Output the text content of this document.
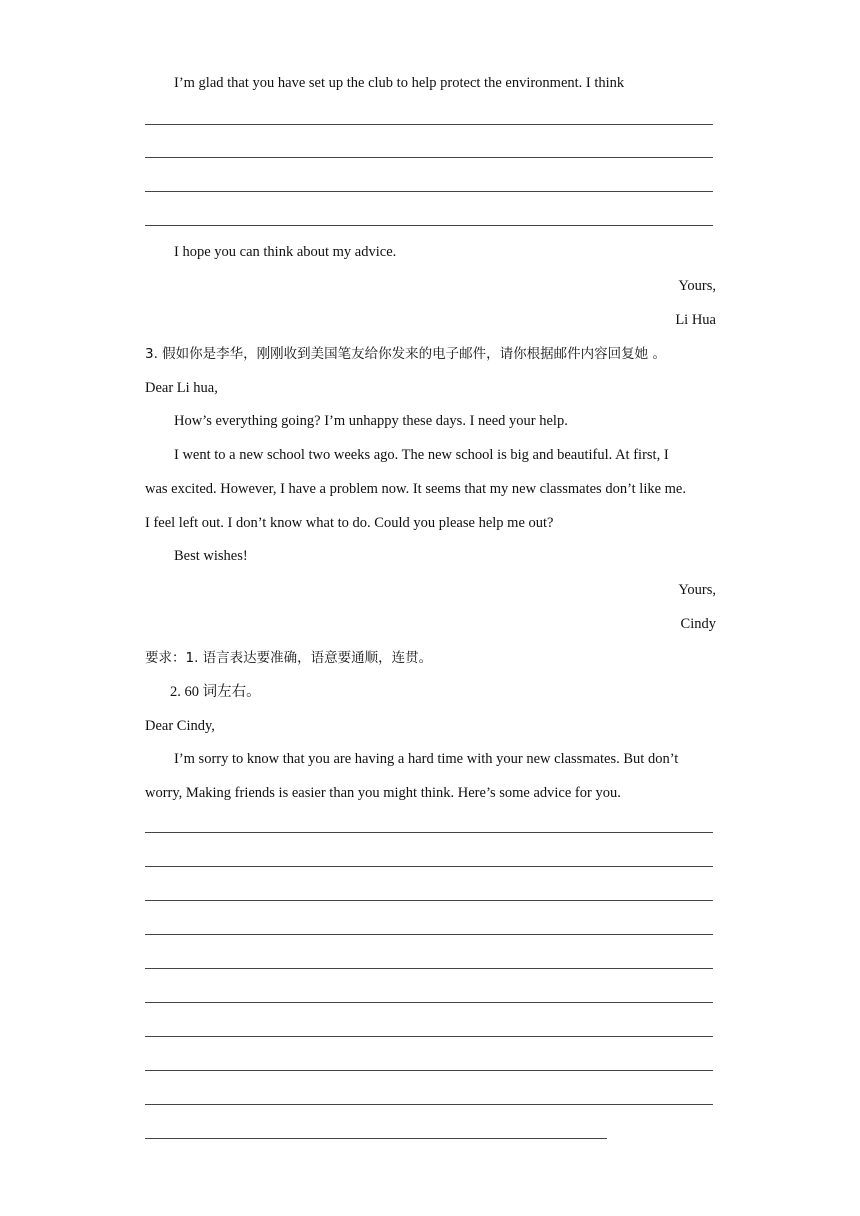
I’m glad that you have set up the club to help protect the environment. I think
I hope you can think about my advice.
Yours,
Li Hua
3. 假如你是李华，刚刚收到美国笔友给你发来的电子邮件，请你根据邮件内容回复她 。
Dear Li hua,
How’s everything going? I’m unhappy these days. I need your help.
I went to a new school two weeks ago. The new school is big and beautiful. At first, I
was excited. However, I have a problem now. It seems that my new classmates don’t like me.
I feel left out. I don’t know what to do. Could you please help me out?
Best wishes!
Yours,
Cindy
要求：1. 语言表达要准确，语意要通顺，连贯。
2. 60 词左右。
Dear Cindy,
I’m sorry to know that you are having a hard time with your new classmates. But don’t
worry, Making friends is easier than you might think. Here’s some advice for you.
